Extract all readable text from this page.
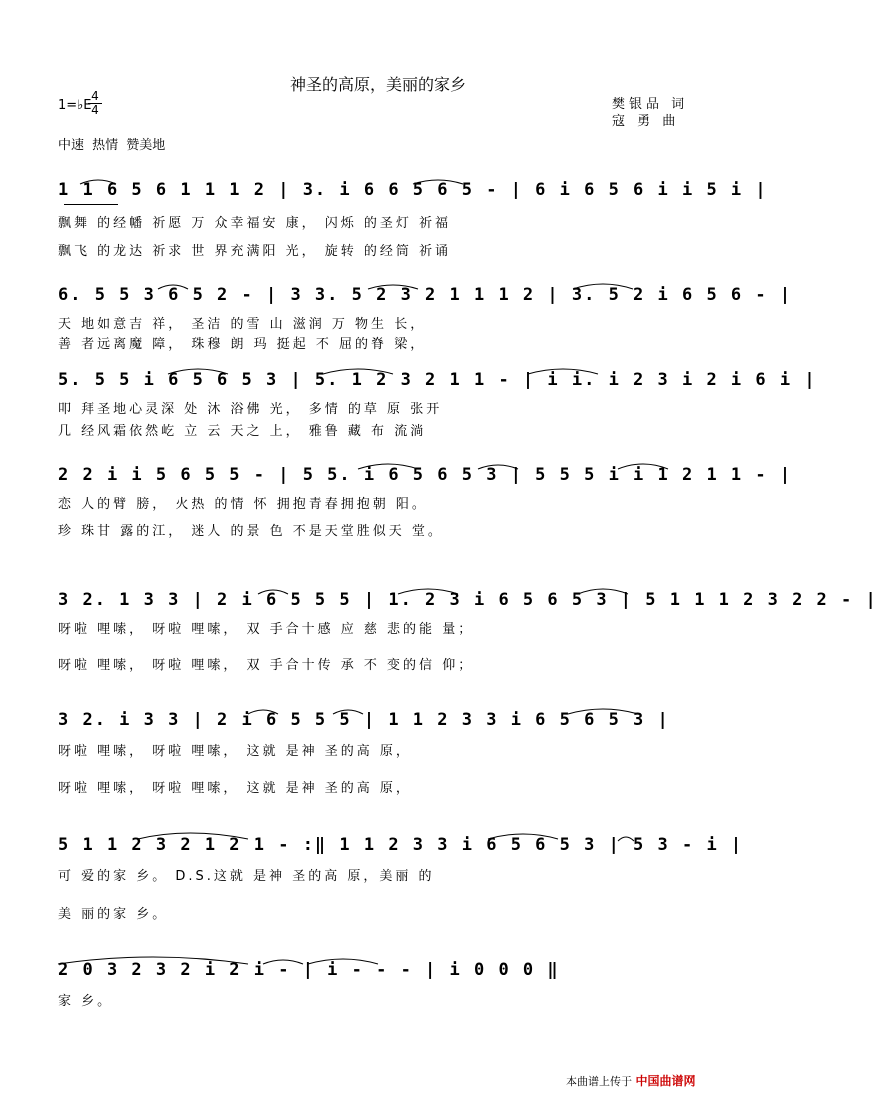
神圣的高原，美丽的家乡
1=♭E
4
4	樊银品 词
寇 勇 曲
中速 热情 赞美地
1 1 6 5 6 1 1 1 2 | 3. i 6 6 5 6 5 - | 6 i 6 5 6 i i 5 i |
飘舞 的经幡 祈愿 万 众幸福安 康， 闪烁 的圣灯 祈福
飘飞 的龙达 祈求 世 界充满阳 光， 旋转 的经筒 祈诵
6. 5 5 3 6 5 2 - | 3 3. 5 2 3 2 1 1 1 2 | 3. 5 2 i 6 5 6 - |
天 地如意吉 祥， 圣洁 的雪 山 滋润 万 物生 长，
善 者远离魔 障， 珠穆 朗 玛 挺起 不 屈的脊 梁，
5. 5 5 i 6 5 6 5 3 | 5. 1 2 3 2 1 1 - | i i. i 2 3 i 2 i 6 i |
叩 拜圣地心灵深 处 沐 浴佛 光， 多情 的草 原 张开
几 经风霜依然屹 立 云 天之 上， 雅鲁 藏 布 流淌
2 2 i i 5 6 5 5 - | 5 5. i 6 5 6 5 3 | 5 5 5 i i 1 2 1 1 - |
恋 人的臂 膀， 火热 的情 怀 拥抱青春拥抱朝 阳。
珍 珠甘 露的江， 迷人 的景 色 不是天堂胜似天 堂。
3 2. 1 3 3 | 2 i 6 5 5 5 | 1. 2 3 i 6 5 6 5 3 | 5 1 1 1 2 3 2 2 - |
呀啦 哩嗦， 呀啦 哩嗦， 双 手合十感 应 慈 悲的能 量；
呀啦 哩嗦， 呀啦 哩嗦， 双 手合十传 承 不 变的信 仰；
3 2. i 3 3 | 2 i 6 5 5 5 | 1 1 2 3 3 i 6 5 6 5 3 |
呀啦 哩嗦， 呀啦 哩嗦， 这就 是神 圣的高 原，
呀啦 哩嗦， 呀啦 哩嗦， 这就 是神 圣的高 原，
5 1 1 2 3 2 1 2 1 - :‖ 1 1 2 3 3 i 6 5 6 5 3 | 5 3 - i |
可 爱的家 乡。 D.S.这就 是神 圣的高 原，美丽 的
美 丽的家 乡。
2 0 3 2 3 2 i 2 i - | i - - - | i 0 0 0 ‖
家 乡。
本曲谱上传于 中国曲谱网
